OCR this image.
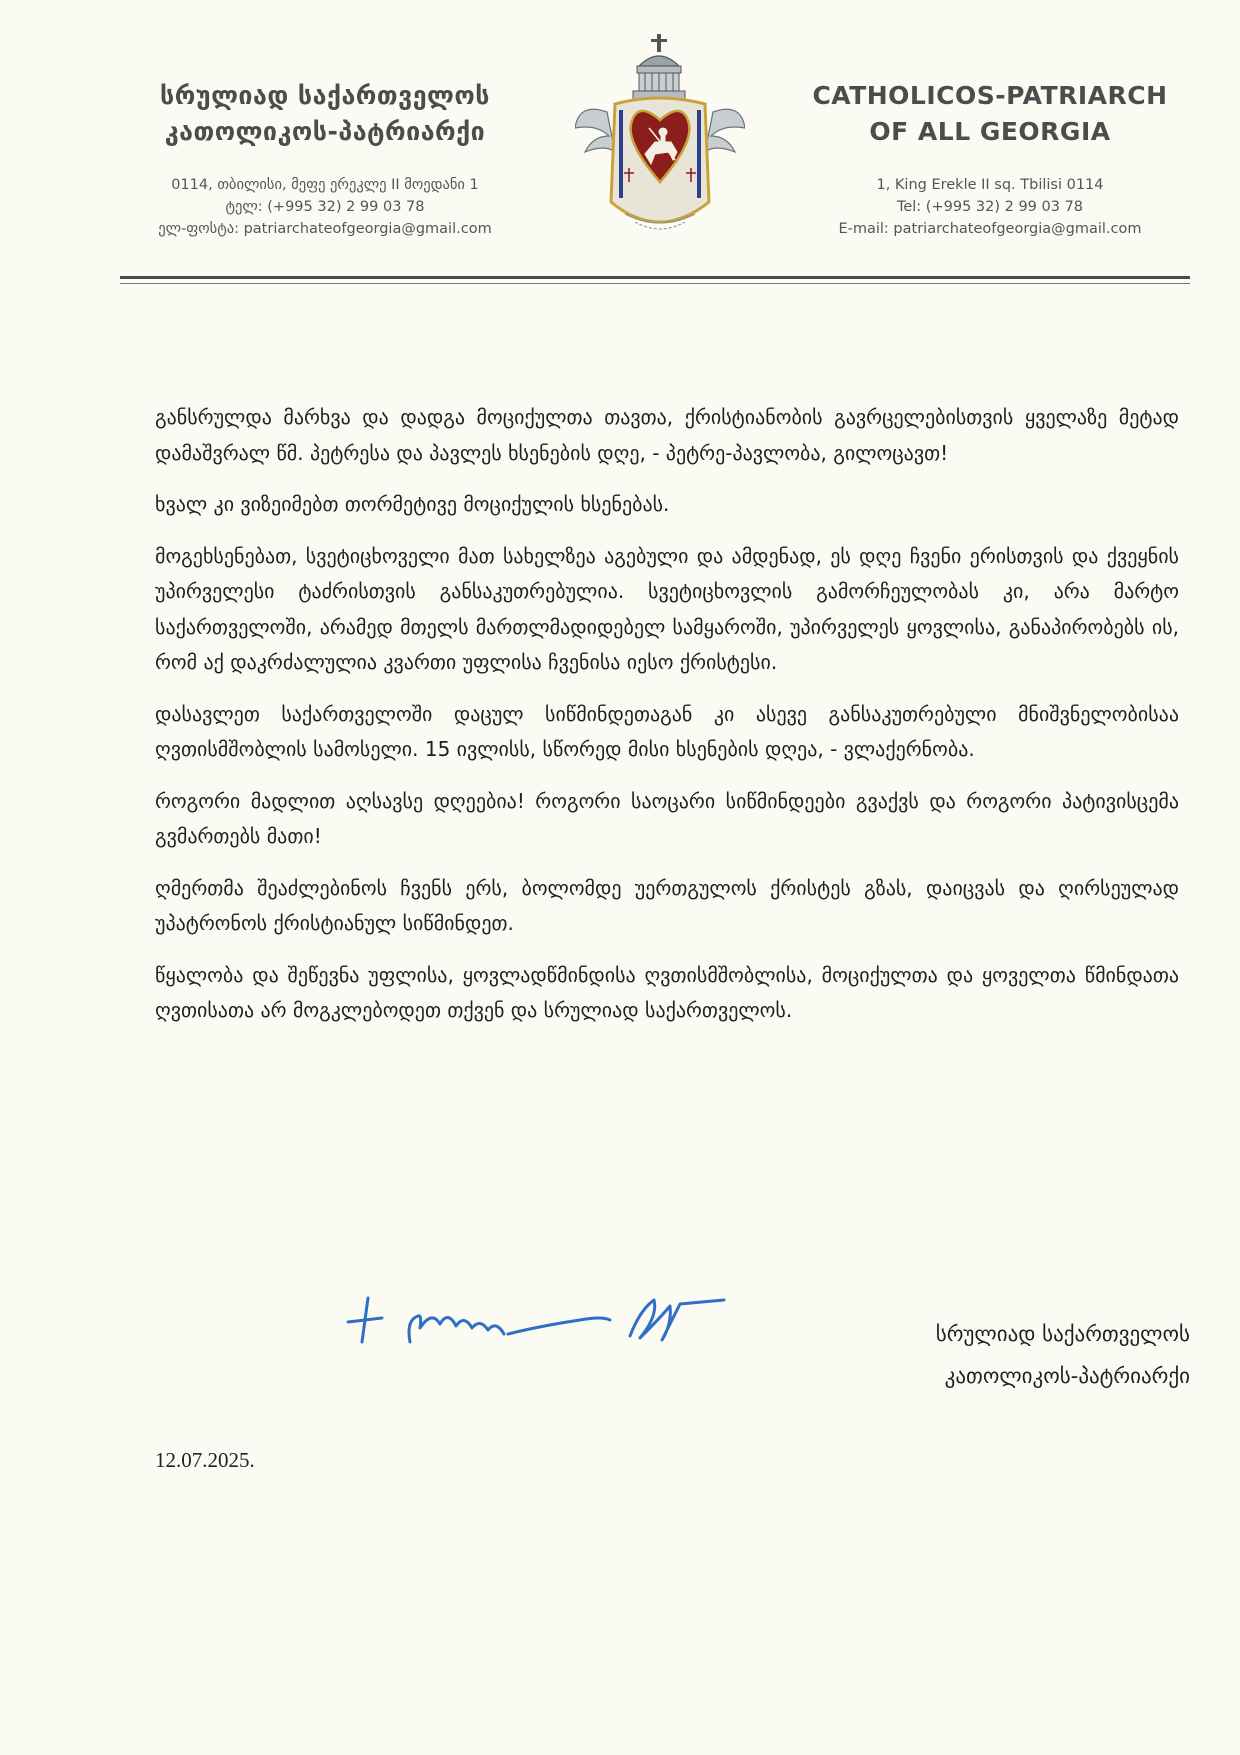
სრულიად საქართველოს
კათოლიკოს-პატრიარქი
0114, თბილისი, მეფე ერეკლე II მოედანი 1
ტელ: (+995 32) 2 99 03 78
ელ-ფოსტა: patriarchateofgeorgia@gmail.com
CATHOLICOS-PATRIARCH
OF ALL GEORGIA
1, King Erekle II sq. Tbilisi 0114
Tel: (+995 32) 2 99 03 78
E-mail: patriarchateofgeorgia@gmail.com

განსრულდა მარხვა და დადგა მოციქულთა თავთა, ქრისტიანობის გავრცელებისთვის ყველაზე მეტად დამაშვრალ წმ. პეტრესა და პავლეს ხსენების დღე, - პეტრე-პავლობა, გილოცავთ!

ხვალ კი ვიზეიმებთ თორმეტივე მოციქულის ხსენებას.

მოგეხსენებათ, სვეტიცხოველი მათ სახელზეა აგებული და ამდენად, ეს დღე ჩვენი ერისთვის და ქვეყნის უპირველესი ტაძრისთვის განსაკუთრებულია. სვეტიცხოვლის გამორჩეულობას კი, არა მარტო საქართველოში, არამედ მთელს მართლმადიდებელ სამყაროში, უპირველეს ყოვლისა, განაპირობებს ის, რომ აქ დაკრძალულია კვართი უფლისა ჩვენისა იესო ქრისტესი.

დასავლეთ საქართველოში დაცულ სიწმინდეთაგან კი ასევე განსაკუთრებული მნიშვნელობისაა ღვთისმშობლის სამოსელი. 15 ივლისს, სწორედ მისი ხსენების დღეა, - ვლაქერნობა.

როგორი მადლით აღსავსე დღეებია! როგორი საოცარი სიწმინდეები გვაქვს და როგორი პატივისცემა გვმართებს მათი!

ღმერთმა შეაძლებინოს ჩვენს ერს, ბოლომდე უერთგულოს ქრისტეს გზას, დაიცვას და ღირსეულად უპატრონოს ქრისტიანულ სიწმინდეთ.

წყალობა და შეწევნა უფლისა, ყოვლადწმინდისა ღვთისმშობლისა, მოციქულთა და ყოველთა წმინდათა ღვთისათა არ მოგკლებოდეთ თქვენ და სრულიად საქართველოს.

სრულიად საქართველოს
კათოლიკოს-პატრიარქი
12.07.2025.
